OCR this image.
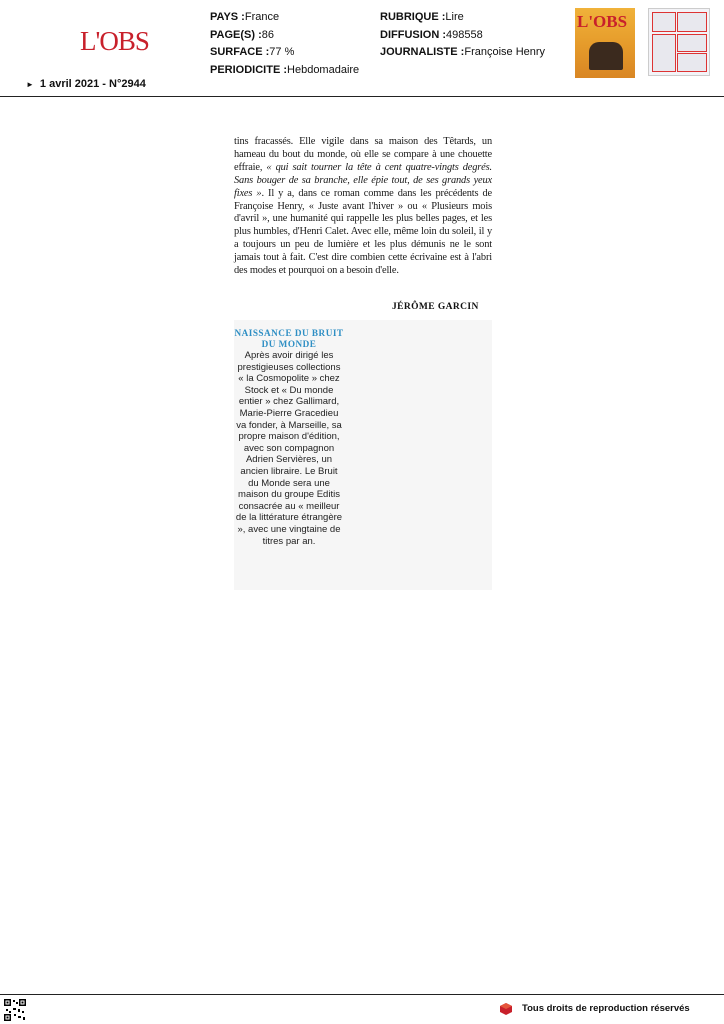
L'OBS
► 1 avril 2021 - N°2944
PAYS :France
PAGE(S) :86
SURFACE :77 %
PERIODICITE :Hebdomadaire
RUBRIQUE :Lire
DIFFUSION :498558
JOURNALISTE :Françoise Henry
L'OBS
tins fracassés. Elle vigile dans sa maison des Têtards, un hameau du bout du monde, où elle se compare à une chouette effraie, « qui sait tourner la tête à cent quatre-vingts degrés. Sans bouger de sa branche, elle épie tout, de ses grands yeux fixes ». Il y a, dans ce roman comme dans les précédents de Françoise Henry, « Juste avant l'hiver » ou « Plusieurs mois d'avril », une humanité qui rappelle les plus belles pages, et les plus humbles, d'Henri Calet. Avec elle, même loin du soleil, il y a toujours un peu de lumière et les plus démunis ne le sont jamais tout à fait. C'est dire combien cette écrivaine est à l'abri des modes et pourquoi on a besoin d'elle.
JÉRÔME GARCIN
NAISSANCE DU BRUIT DU MONDE

Après avoir dirigé les prestigieuses collections « la Cosmopolite » chez Stock et « Du monde entier » chez Gallimard, Marie-Pierre Gracedieu va fonder, à Marseille, sa propre maison d'édition, avec son compagnon Adrien Servières, un ancien libraire. Le Bruit du Monde sera une maison du groupe Editis consacrée au « meilleur de la littérature étrangère », avec une vingtaine de titres par an.

Tous droits de reproduction réservés
